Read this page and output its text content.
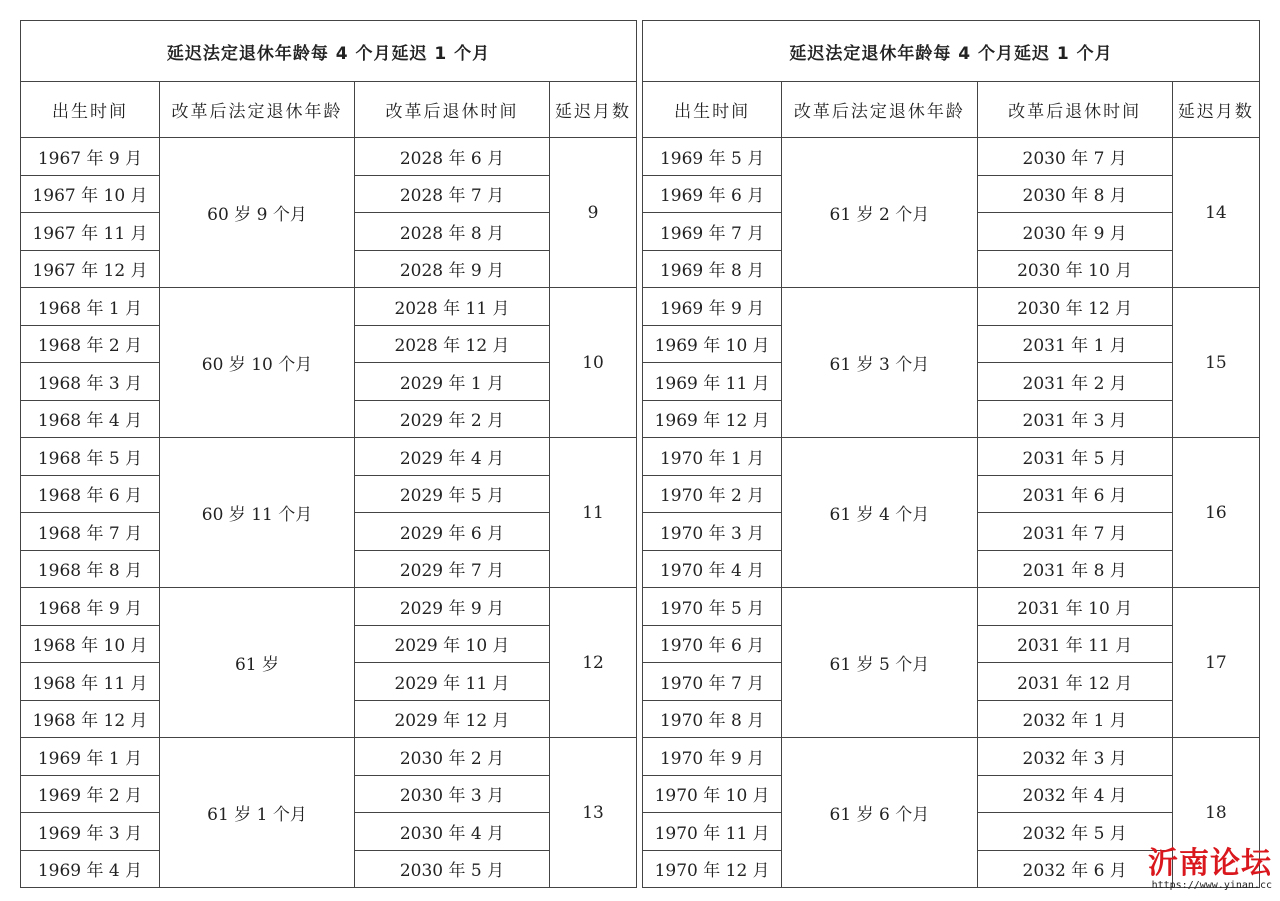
延迟法定退休年龄每 4 个月延迟 1 个月			
出生时间	改革后法定退休年龄	改革后退休时间	延迟月数
1967 年 9 月	60 岁 9 个月	2028 年 6 月	9
1967 年 10 月		2028 年 7 月	
1967 年 11 月		2028 年 8 月	
1967 年 12 月		2028 年 9 月	
1968 年 1 月	60 岁 10 个月	2028 年 11 月	10
1968 年 2 月		2028 年 12 月	
1968 年 3 月		2029 年 1 月	
1968 年 4 月		2029 年 2 月	
1968 年 5 月	60 岁 11 个月	2029 年 4 月	11
1968 年 6 月		2029 年 5 月	
1968 年 7 月		2029 年 6 月	
1968 年 8 月		2029 年 7 月	
1968 年 9 月	61 岁	2029 年 9 月	12
1968 年 10 月		2029 年 10 月	
1968 年 11 月		2029 年 11 月	
1968 年 12 月		2029 年 12 月	
1969 年 1 月	61 岁 1 个月	2030 年 2 月	13
1969 年 2 月		2030 年 3 月	
1969 年 3 月		2030 年 4 月	
1969 年 4 月		2030 年 5 月	
延迟法定退休年龄每 4 个月延迟 1 个月			
出生时间	改革后法定退休年龄	改革后退休时间	延迟月数
1969 年 5 月	61 岁 2 个月	2030 年 7 月	14
1969 年 6 月		2030 年 8 月	
1969 年 7 月		2030 年 9 月	
1969 年 8 月		2030 年 10 月	
1969 年 9 月	61 岁 3 个月	2030 年 12 月	15
1969 年 10 月		2031 年 1 月	
1969 年 11 月		2031 年 2 月	
1969 年 12 月		2031 年 3 月	
1970 年 1 月	61 岁 4 个月	2031 年 5 月	16
1970 年 2 月		2031 年 6 月	
1970 年 3 月		2031 年 7 月	
1970 年 4 月		2031 年 8 月	
1970 年 5 月	61 岁 5 个月	2031 年 10 月	17
1970 年 6 月		2031 年 11 月	
1970 年 7 月		2031 年 12 月	
1970 年 8 月		2032 年 1 月	
1970 年 9 月	61 岁 6 个月	2032 年 3 月	18
1970 年 10 月		2032 年 4 月	
1970 年 11 月		2032 年 5 月	
1970 年 12 月		2032 年 6 月	沂南论坛
https://www.yinan.cc
